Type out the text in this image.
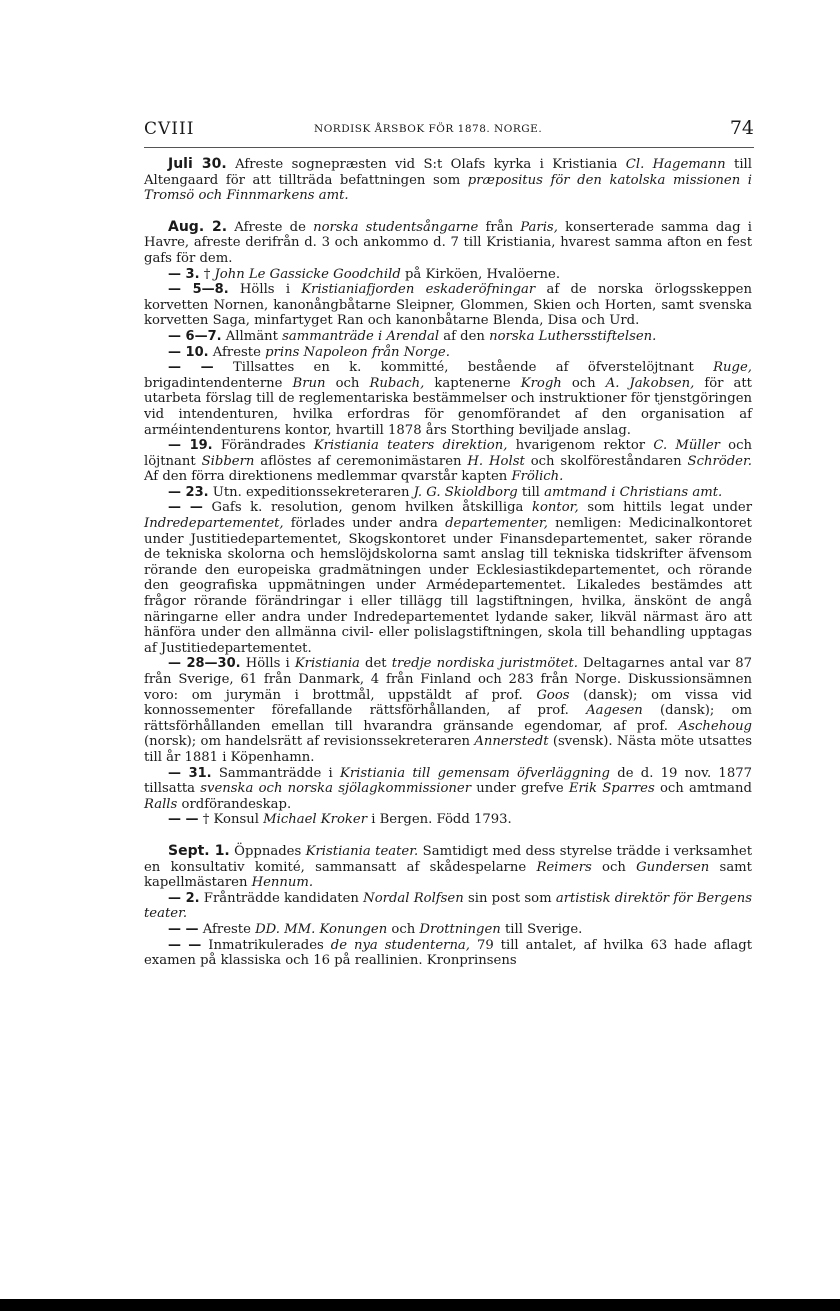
CVIII	NORDISK ÅRSBOK FÖR 1878. NORGE.	74

Juli 30. Afreste sognepræsten vid S:t Olafs kyrka i Kristiania Cl. Hagemann till Altengaard för att tillträda befattningen som præpositus för den katolska missionen i Tromsö och Finnmarkens amt.

Aug. 2. Afreste de norska studentsångarne från Paris, konserterade samma dag i Havre, afreste derifrån d. 3 och ankommo d. 7 till Kristiania, hvarest samma afton en fest gafs för dem.

— 3. † John Le Gassicke Goodchild på Kirköen, Hvalöerne.

— 5—8. Hölls i Kristianiafjorden eskaderöfningar af de norska örlogsskeppen korvetten Nornen, kanonångbåtarne Sleipner, Glommen, Skien och Horten, samt svenska korvetten Saga, minfartyget Ran och kanonbåtarne Blenda, Disa och Urd.

— 6—7. Allmänt sammanträde i Arendal af den norska Luthersstiftelsen.

— 10. Afreste prins Napoleon från Norge.

— — Tillsattes en k. kommitté, bestående af öfverstelöjtnant Ruge, brigadintendenterne Brun och Rubach, kaptenerne Krogh och A. Jakobsen, för att utarbeta förslag till de reglementariska bestämmelser och instruktioner för tjenstgöringen vid intendenturen, hvilka erfordras för genomförandet af den organisation af arméintendenturens kontor, hvartill 1878 års Storthing beviljade anslag.

— 19. Förändrades Kristiania teaters direktion, hvarigenom rektor C. Müller och löjtnant Sibbern aflöstes af ceremonimästaren H. Holst och skolföreståndaren Schröder. Af den förra direktionens medlemmar qvarstår kapten Frölich.

— 23. Utn. expeditionssekreteraren J. G. Skioldborg till amtmand i Christians amt.

— — Gafs k. resolution, genom hvilken åtskilliga kontor, som hittils legat under Indredepartementet, förlades under andra departementer, nemligen: Medicinalkontoret under Justitiedepartementet, Skogskontoret under Finansdepartementet, saker rörande de tekniska skolorna och hemslöjdskolorna samt anslag till tekniska tidskrifter äfvensom rörande den europeiska gradmätningen under Ecklesiastikdepartementet, och rörande den geografiska uppmätningen under Armédepartementet. Likaledes bestämdes att frågor rörande förändringar i eller tillägg till lagstiftningen, hvilka, änskönt de angå näringarne eller andra under Indredepartementet lydande saker, likväl närmast äro att hänföra under den allmänna civil- eller polislagstiftningen, skola till behandling upptagas af Justitiedepartementet.

— 28—30. Hölls i Kristiania det tredje nordiska juristmötet. Deltagarnes antal var 87 från Sverige, 61 från Danmark, 4 från Finland och 283 från Norge. Diskussionsämnen voro: om jurymän i brottmål, uppstäldt af prof. Goos (dansk); om vissa vid konnossementer förefallande rättsförhållanden, af prof. Aagesen (dansk); om rättsförhållanden emellan till hvarandra gränsande egendomar, af prof. Aschehoug (norsk); om handelsrätt af revisionssekreteraren Annerstedt (svensk). Nästa möte utsattes till år 1881 i Köpenhamn.

— 31. Sammanträdde i Kristiania till gemensam öfverläggning de d. 19 nov. 1877 tillsatta svenska och norska sjölagkommissioner under grefve Erik Sparres och amtmand Ralls ordförandeskap.

— — † Konsul Michael Kroker i Bergen. Född 1793.

Sept. 1. Öppnades Kristiania teater. Samtidigt med dess styrelse trädde i verksamhet en konsultativ komité, sammansatt af skådespelarne Reimers och Gundersen samt kapellmästaren Hennum.

— 2. Frånträdde kandidaten Nordal Rolfsen sin post som artistisk direktör för Bergens teater.

— — Afreste DD. MM. Konungen och Drottningen till Sverige.

— — Inmatrikulerades de nya studenterna, 79 till antalet, af hvilka 63 hade aflagt examen på klassiska och 16 på reallinien. Kronprinsens
